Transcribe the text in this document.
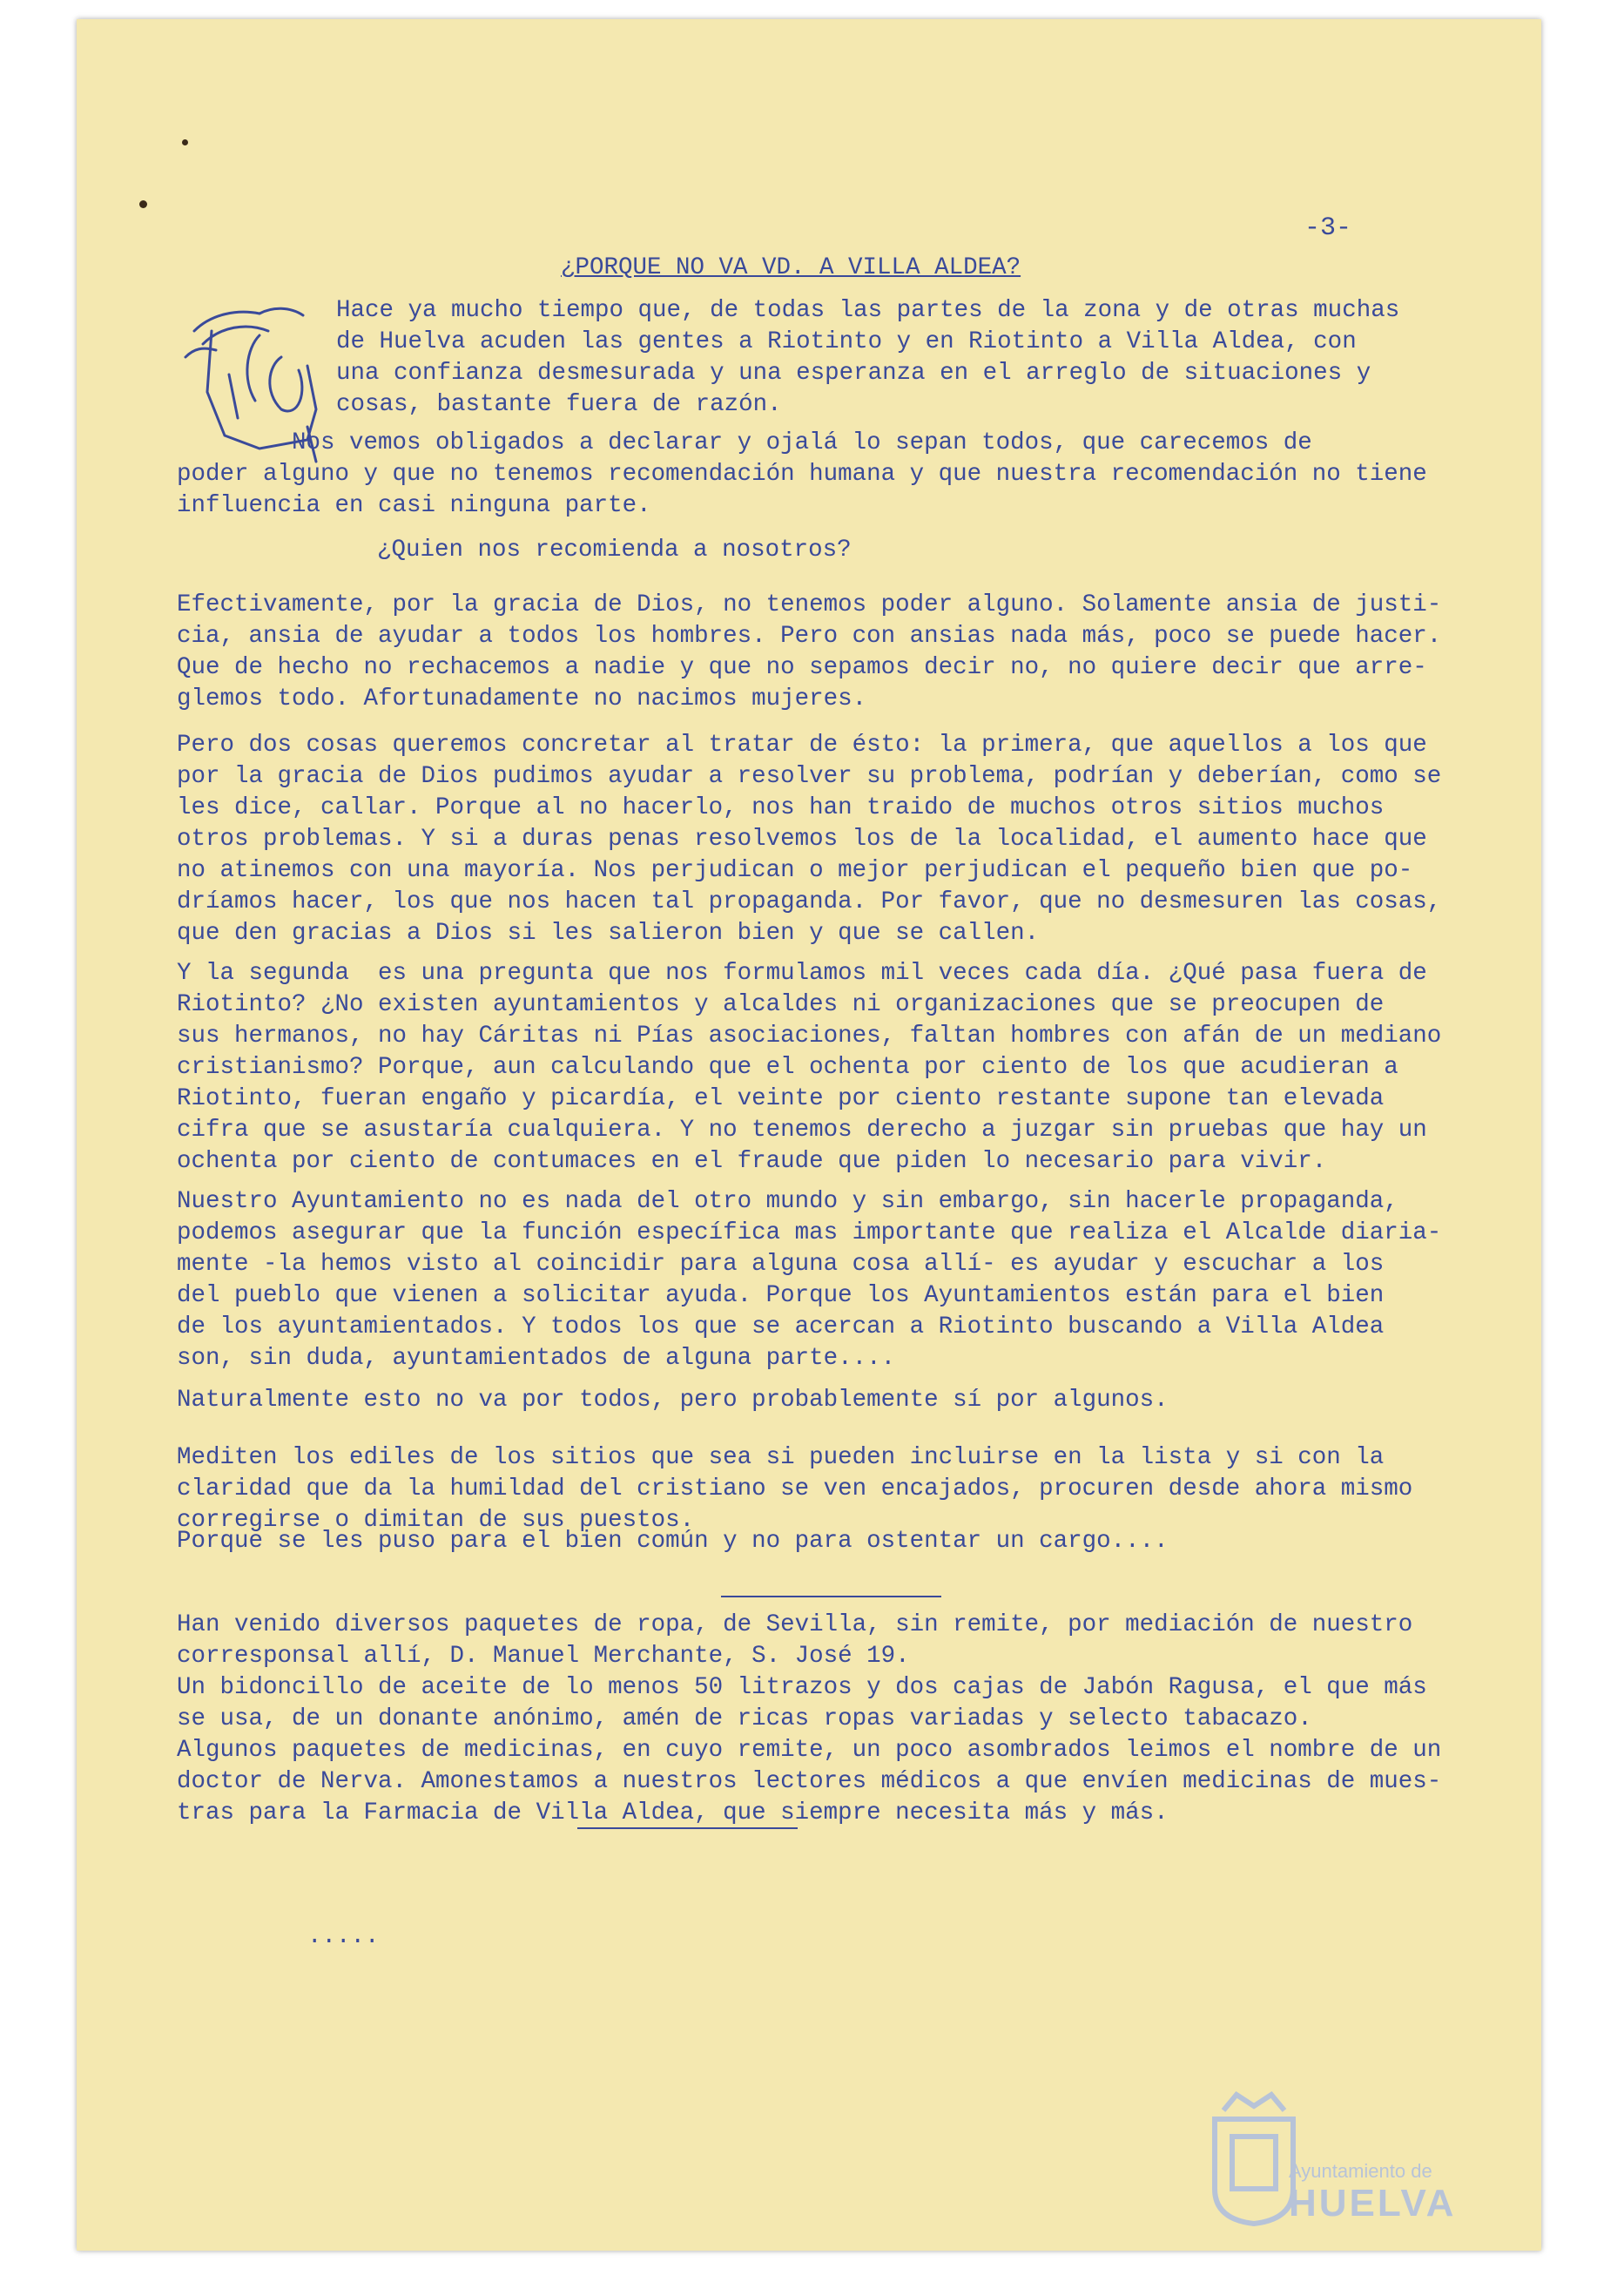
-3-
¿PORQUE NO VA VD. A VILLA ALDEA?
Hace ya mucho tiempo que, de todas las partes de la zona y de otras muchas
de Huelva acuden las gentes a Riotinto y en Riotinto a Villa Aldea, con
una confianza desmesurada y una esperanza en el arreglo de situaciones y
cosas, bastante fuera de razón.
Nos vemos obligados a declarar y ojalá lo sepan todos, que carecemos de
poder alguno y que no tenemos recomendación humana y que nuestra recomendación no tiene
influencia en casi ninguna parte.
¿Quien nos recomienda a nosotros?
Efectivamente, por la gracia de Dios, no tenemos poder alguno. Solamente ansia de justi-
cia, ansia de ayudar a todos los hombres. Pero con ansias nada más, poco se puede hacer.
Que de hecho no rechacemos a nadie y que no sepamos decir no, no quiere decir que arre-
glemos todo. Afortunadamente no nacimos mujeres.
Pero dos cosas queremos concretar al tratar de ésto: la primera, que aquellos a los que
por la gracia de Dios pudimos ayudar a resolver su problema, podrían y deberían, como se
les dice, callar. Porque al no hacerlo, nos han traido de muchos otros sitios muchos
otros problemas. Y si a duras penas resolvemos los de la localidad, el aumento hace que
no atinemos con una mayoría. Nos perjudican o mejor perjudican el pequeño bien que po-
dríamos hacer, los que nos hacen tal propaganda. Por favor, que no desmesuren las cosas,
que den gracias a Dios si les salieron bien y que se callen.
Y la segunda  es una pregunta que nos formulamos mil veces cada día. ¿Qué pasa fuera de
Riotinto? ¿No existen ayuntamientos y alcaldes ni organizaciones que se preocupen de
sus hermanos, no hay Cáritas ni Pías asociaciones, faltan hombres con afán de un mediano
cristianismo? Porque, aun calculando que el ochenta por ciento de los que acudieran a
Riotinto, fueran engaño y picardía, el veinte por ciento restante supone tan elevada
cifra que se asustaría cualquiera. Y no tenemos derecho a juzgar sin pruebas que hay un
ochenta por ciento de contumaces en el fraude que piden lo necesario para vivir.
Nuestro Ayuntamiento no es nada del otro mundo y sin embargo, sin hacerle propaganda,
podemos asegurar que la función específica mas importante que realiza el Alcalde diaria-
mente -la hemos visto al coincidir para alguna cosa allí- es ayudar y escuchar a los
del pueblo que vienen a solicitar ayuda. Porque los Ayuntamientos están para el bien
de los ayuntamientados. Y todos los que se acercan a Riotinto buscando a Villa Aldea
son, sin duda, ayuntamientados de alguna parte....
Naturalmente esto no va por todos, pero probablemente sí por algunos.
Mediten los ediles de los sitios que sea si pueden incluirse en la lista y si con la
claridad que da la humildad del cristiano se ven encajados, procuren desde ahora mismo
corregirse o dimitan de sus puestos.
Porque se les puso para el bien común y no para ostentar un cargo....
Han venido diversos paquetes de ropa, de Sevilla, sin remite, por mediación de nuestro
corresponsal allí, D. Manuel Merchante, S. José 19.
Un bidoncillo de aceite de lo menos 50 litrazos y dos cajas de Jabón Ragusa, el que más
se usa, de un donante anónimo, amén de ricas ropas variadas y selecto tabacazo.
Algunos paquetes de medicinas, en cuyo remite, un poco asombrados leimos el nombre de un
doctor de Nerva. Amonestamos a nuestros lectores médicos a que envíen medicinas de mues-
tras para la Farmacia de Villa Aldea, que siempre necesita más y más.
.....
Ayuntamiento de
HUELVA
